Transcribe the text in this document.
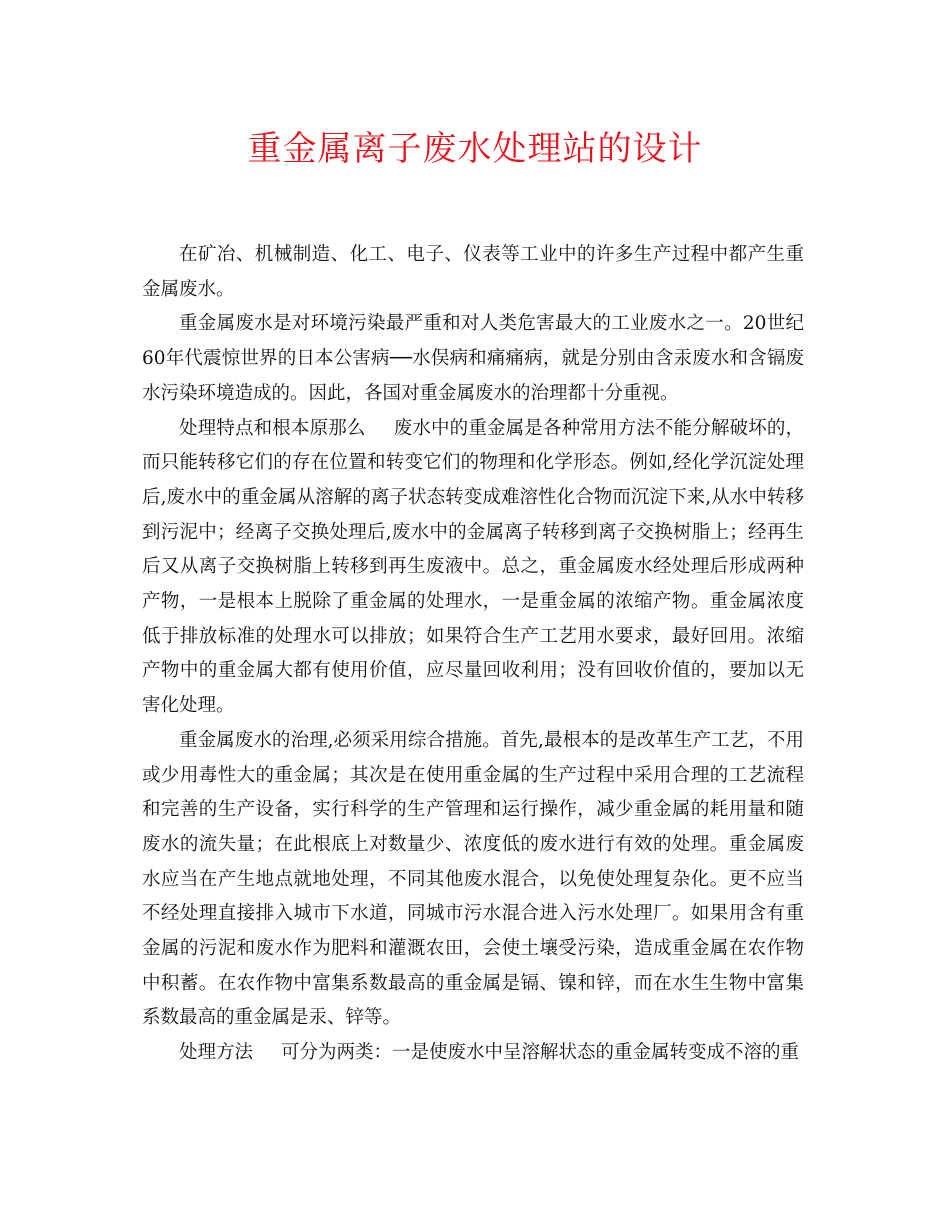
重金属离子废水处理站的设计

在矿冶、机械制造、化工、电子、仪表等工业中的许多生产过程中都产生重金属废水。

重金属废水是对环境污染最严重和对人类危害最大的工业废水之一。20世纪60年代震惊世界的日本公害病──水俣病和痛痛病，就是分别由含汞废水和含镉废水污染环境造成的。因此，各国对重金属废水的治理都十分重视。

处理特点和根本原那么 废水中的重金属是各种常用方法不能分解破坏的，而只能转移它们的存在位置和转变它们的物理和化学形态。例如,经化学沉淀处理后,废水中的重金属从溶解的离子状态转变成难溶性化合物而沉淀下来,从水中转移到污泥中；经离子交换处理后,废水中的金属离子转移到离子交换树脂上；经再生后又从离子交换树脂上转移到再生废液中。总之，重金属废水经处理后形成两种产物，一是根本上脱除了重金属的处理水，一是重金属的浓缩产物。重金属浓度低于排放标准的处理水可以排放；如果符合生产工艺用水要求，最好回用。浓缩产物中的重金属大都有使用价值，应尽量回收利用；没有回收价值的，要加以无害化处理。

重金属废水的治理,必须采用综合措施。首先,最根本的是改革生产工艺，不用或少用毒性大的重金属；其次是在使用重金属的生产过程中采用合理的工艺流程和完善的生产设备，实行科学的生产管理和运行操作，减少重金属的耗用量和随废水的流失量；在此根底上对数量少、浓度低的废水进行有效的处理。重金属废水应当在产生地点就地处理，不同其他废水混合，以免使处理复杂化。更不应当不经处理直接排入城市下水道，同城市污水混合进入污水处理厂。如果用含有重金属的污泥和废水作为肥料和灌溉农田，会使土壤受污染，造成重金属在农作物中积蓄。在农作物中富集系数最高的重金属是镉、镍和锌，而在水生生物中富集系数最高的重金属是汞、锌等。

处理方法 可分为两类：一是使废水中呈溶解状态的重金属转变成不溶的重
